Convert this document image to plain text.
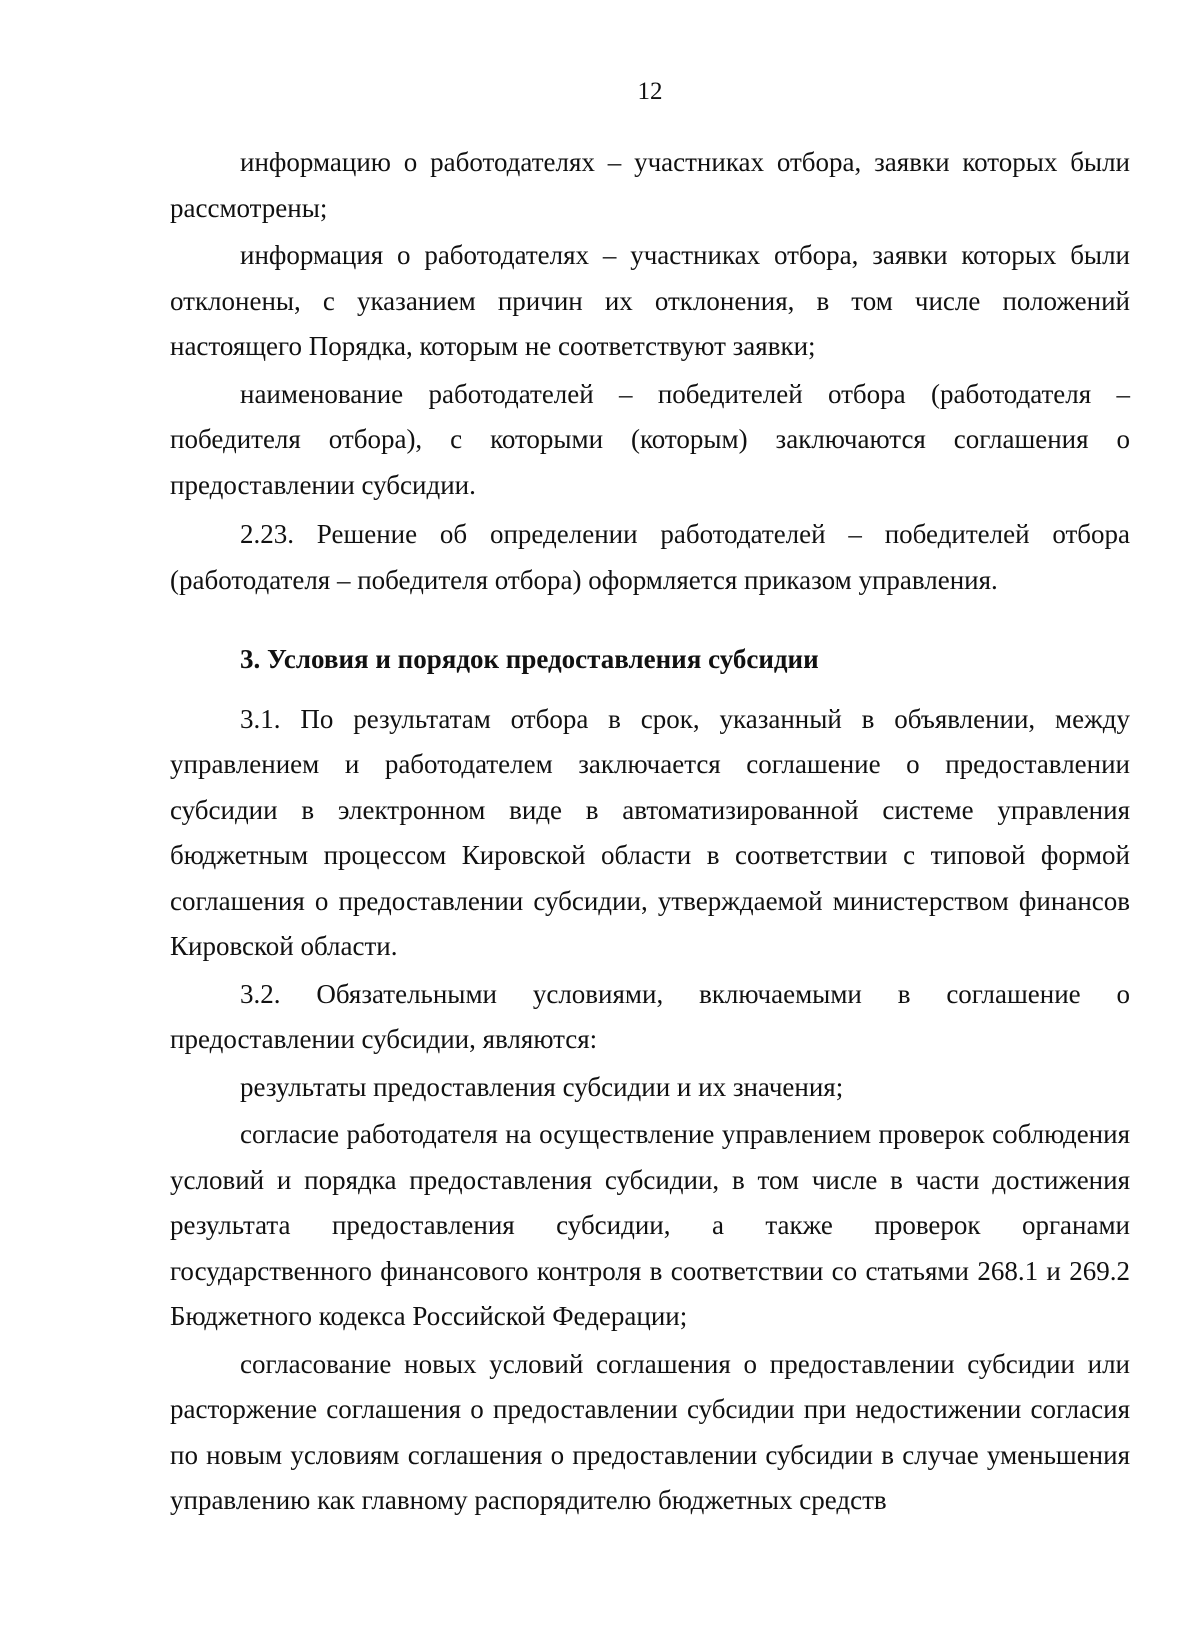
12

информацию о работодателях – участниках отбора, заявки которых были рассмотрены;

информация о работодателях – участниках отбора, заявки которых были отклонены, с указанием причин их отклонения, в том числе положений настоящего Порядка, которым не соответствуют заявки;

наименование работодателей – победителей отбора (работодателя – победителя отбора), с которыми (которым) заключаются соглашения о предоставлении субсидии.

2.23. Решение об определении работодателей – победителей отбора (работодателя – победителя отбора) оформляется приказом управления.

3. Условия и порядок предоставления субсидии

3.1. По результатам отбора в срок, указанный в объявлении, между управлением и работодателем заключается соглашение о предоставлении субсидии в электронном виде в автоматизированной системе управления бюджетным процессом Кировской области в соответствии с типовой формой соглашения о предоставлении субсидии, утверждаемой министерством финансов Кировской области.

3.2. Обязательными условиями, включаемыми в соглашение о предоставлении субсидии, являются:

результаты предоставления субсидии и их значения;

согласие работодателя на осуществление управлением проверок соблюдения условий и порядка предоставления субсидии, в том числе в части достижения результата предоставления субсидии, а также проверок органами государственного финансового контроля в соответствии со статьями 268.1 и 269.2 Бюджетного кодекса Российской Федерации;

согласование новых условий соглашения о предоставлении субсидии или расторжение соглашения о предоставлении субсидии при недостижении согласия по новым условиям соглашения о предоставлении субсидии в случае уменьшения управлению как главному распорядителю бюджетных средств
